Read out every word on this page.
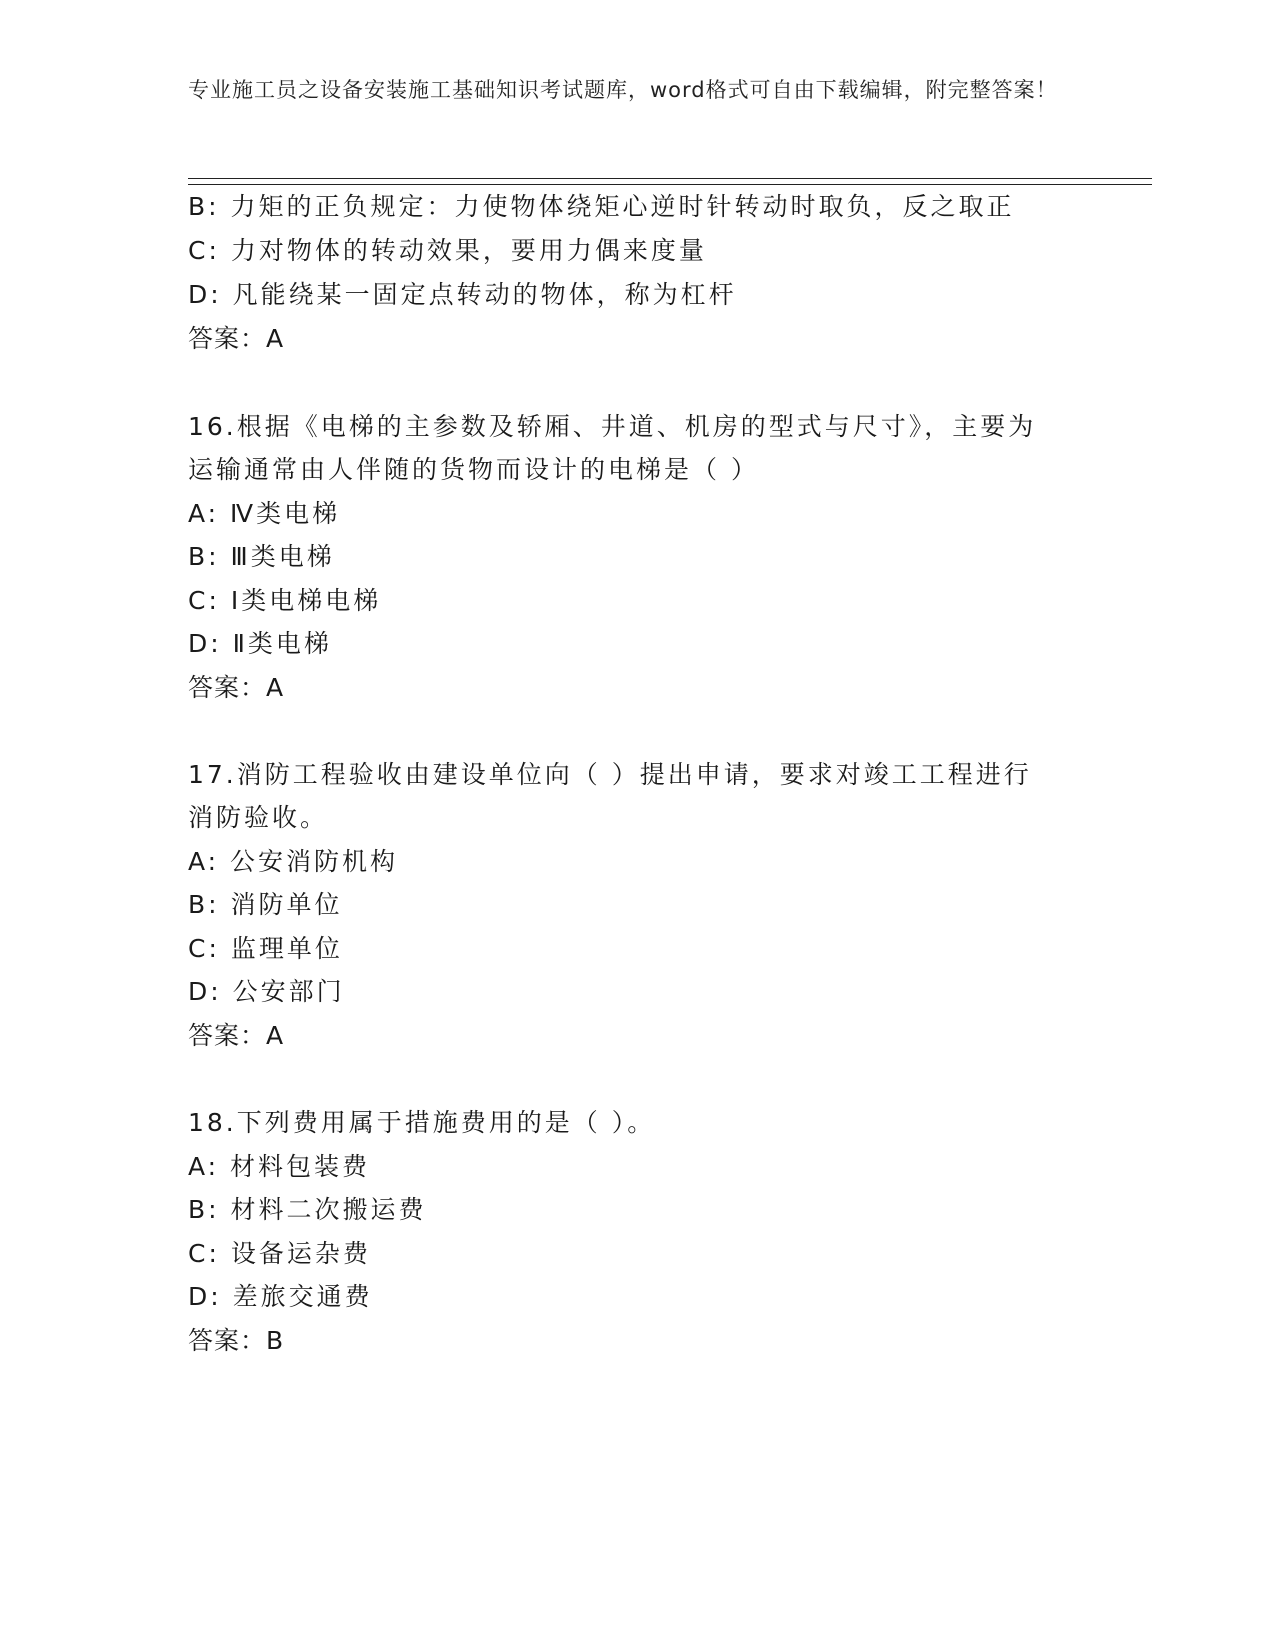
专业施工员之设备安装施工基础知识考试题库，word格式可自由下载编辑，附完整答案！
B: 力矩的正负规定：力使物体绕矩心逆时针转动时取负，反之取正
C: 力对物体的转动效果，要用力偶来度量
D: 凡能绕某一固定点转动的物体，称为杠杆
答案：A
16.根据《电梯的主参数及轿厢、井道、机房的型式与尺寸》，主要为
运输通常由人伴随的货物而设计的电梯是（ ）
A: Ⅳ类电梯
B: Ⅲ类电梯
C: Ⅰ类电梯电梯
D: Ⅱ类电梯
答案：A
17.消防工程验收由建设单位向（ ）提出申请，要求对竣工工程进行
消防验收。
A: 公安消防机构
B: 消防单位
C: 监理单位
D: 公安部门
答案：A
18.下列费用属于措施费用的是（ ）。
A: 材料包装费
B: 材料二次搬运费
C: 设备运杂费
D: 差旅交通费
答案：B
